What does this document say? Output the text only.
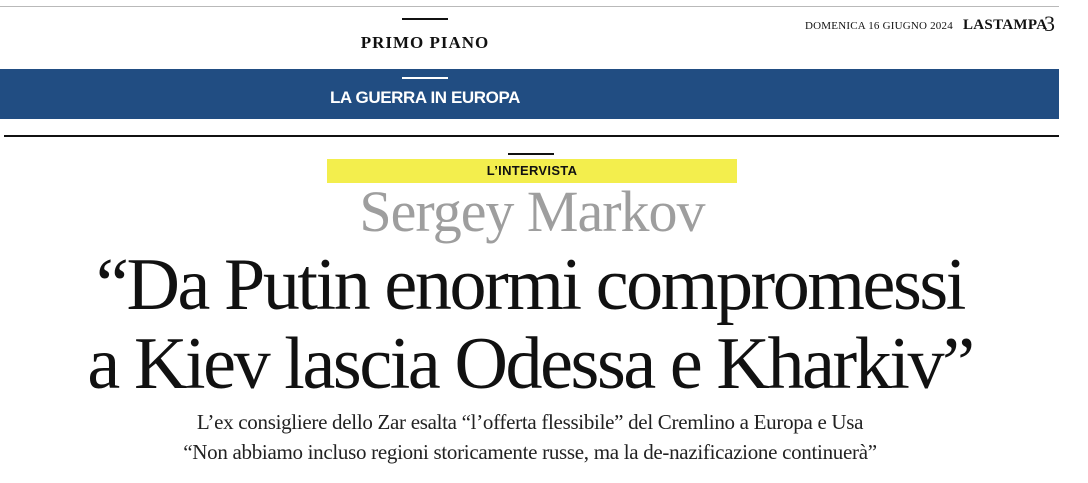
PRIMO PIANO
DOMENICA 16 GIUGNO 2024 LASTAMPA
3
LA GUERRA IN EUROPA
L’INTERVISTA
Sergey Markov
“Da Putin enormi compromessi
a Kiev lascia Odessa e Kharkiv”
L’ex consigliere dello Zar esalta “l’offerta flessibile” del Cremlino a Europa e Usa
“Non abbiamo incluso regioni storicamente russe, ma la de-nazificazione continuerà”
